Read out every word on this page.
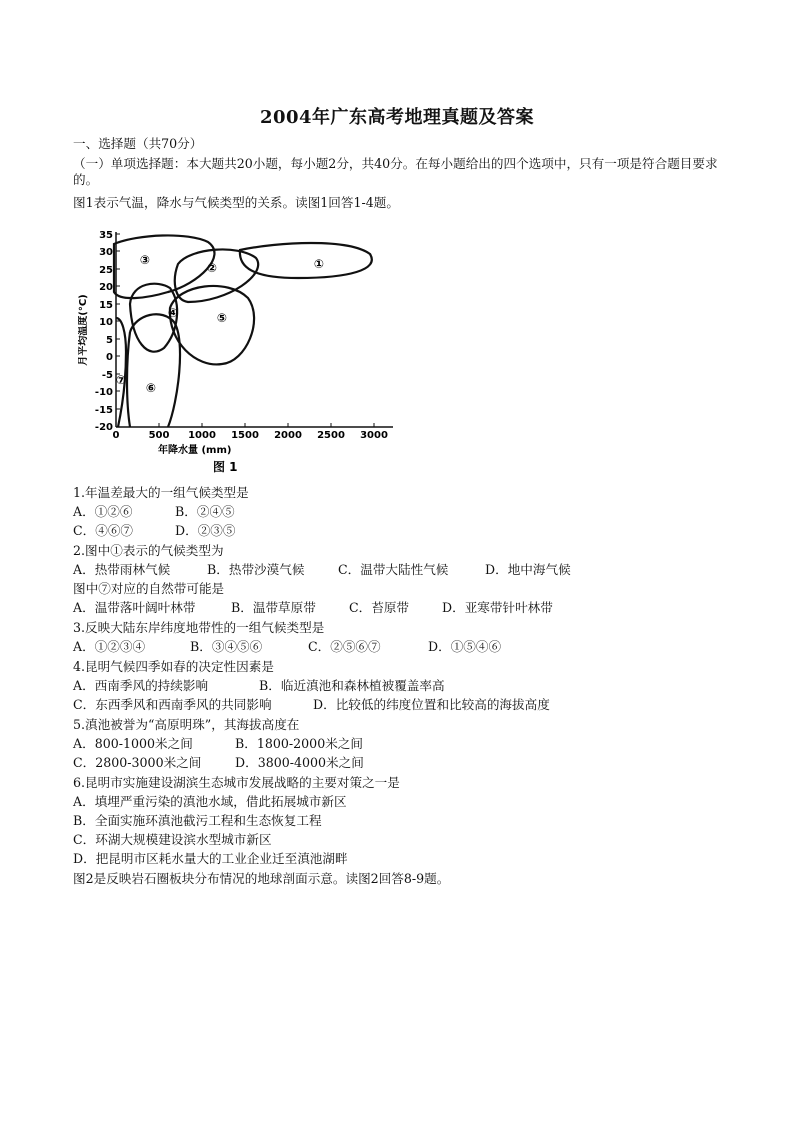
2004年广东高考地理真题及答案
一、选择题（共70分）
（一）单项选择题：本大题共20小题，每小题2分，共40分。在每小题给出的四个选项中，只有一项是符合题目要求的。
图1表示气温，降水与气候类型的关系。读图1回答1-4题。
月平均温度(°C)
35
30
25
20
15
10
5
0
-5
-10
-15
-20
0	500 1000 1500 2000 2500 3000
年降水量 (mm)
图 1
①
②
③
④	⑤
⑥
⑦
1.年温差最大的一组气候类型是
A．①②⑥	B．②④⑤
C．④⑥⑦	D．②③⑤
2.图中①表示的气候类型为
A．热带雨林气候	B．热带沙漠气候	C．温带大陆性气候	D．地中海气候
图中⑦对应的自然带可能是
A．温带落叶阔叶林带	B．温带草原带	C．苔原带	D．亚寒带针叶林带
3.反映大陆东岸纬度地带性的一组气候类型是
A．①②③④	B．③④⑤⑥	C．②⑤⑥⑦	D．①⑤④⑥
4.昆明气候四季如春的决定性因素是
A．西南季风的持续影响	B．临近滇池和森林植被覆盖率高
C．东西季风和西南季风的共同影响	D．比较低的纬度位置和比较高的海拔高度
5.滇池被誉为“高原明珠”，其海拔高度在
A．800-1000米之间	B．1800-2000米之间
C．2800-3000米之间	D．3800-4000米之间
6.昆明市实施建设湖滨生态城市发展战略的主要对策之一是
A．填埋严重污染的滇池水域，借此拓展城市新区
B．全面实施环滇池截污工程和生态恢复工程
C．环湖大规模建设滨水型城市新区
D．把昆明市区耗水量大的工业企业迁至滇池湖畔
图2是反映岩石圈板块分布情况的地球剖面示意。读图2回答8-9题。
